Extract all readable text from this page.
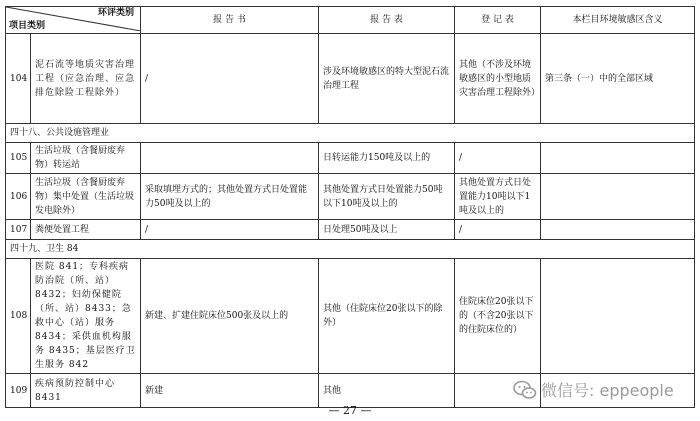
环评类别
项目类别		报 告 书	报 告 表	登 记 表	本栏目环境敏感区含义
104	泥石流等地质灾害治理工程（应急治理、应急排危除险工程除外）	/	涉及环境敏感区的特大型泥石流治理工程	其他（不涉及环境敏感区的小型地质灾害治理工程除外）	第三条（一）中的全部区域
四十八、公共设施管理业					
105	生活垃圾（含餐厨废弃物）转运站		日转运能力150吨及以上的	/	
106	生活垃圾（含餐厨废弃物）集中处置（生活垃圾发电除外）	采取填埋方式的；其他处置方式日处置能力50吨及以上的	其他处置方式日处置能力50吨以下10吨及以上的	其他处置方式日处置能力10吨以下1吨及以上的	
107	粪便处置工程	/	日处理50吨及以上	/	
四十九、卫生 84					
108	医院 841；专科疾病防治院（所、站）8432；妇幼保健院（所、站）8433；急救中心（站）服务 8434；采供血机构服务 8435；基层医疗卫生服务 842	新建、扩建住院床位500张及以上的	其他（住院床位20张以下的除外）	住院床位20张以下的（不含20张以下的住院床位的）	
109	疾病预防控制中心 8431	新建	其他			微信号: eppeople
— 27 —
